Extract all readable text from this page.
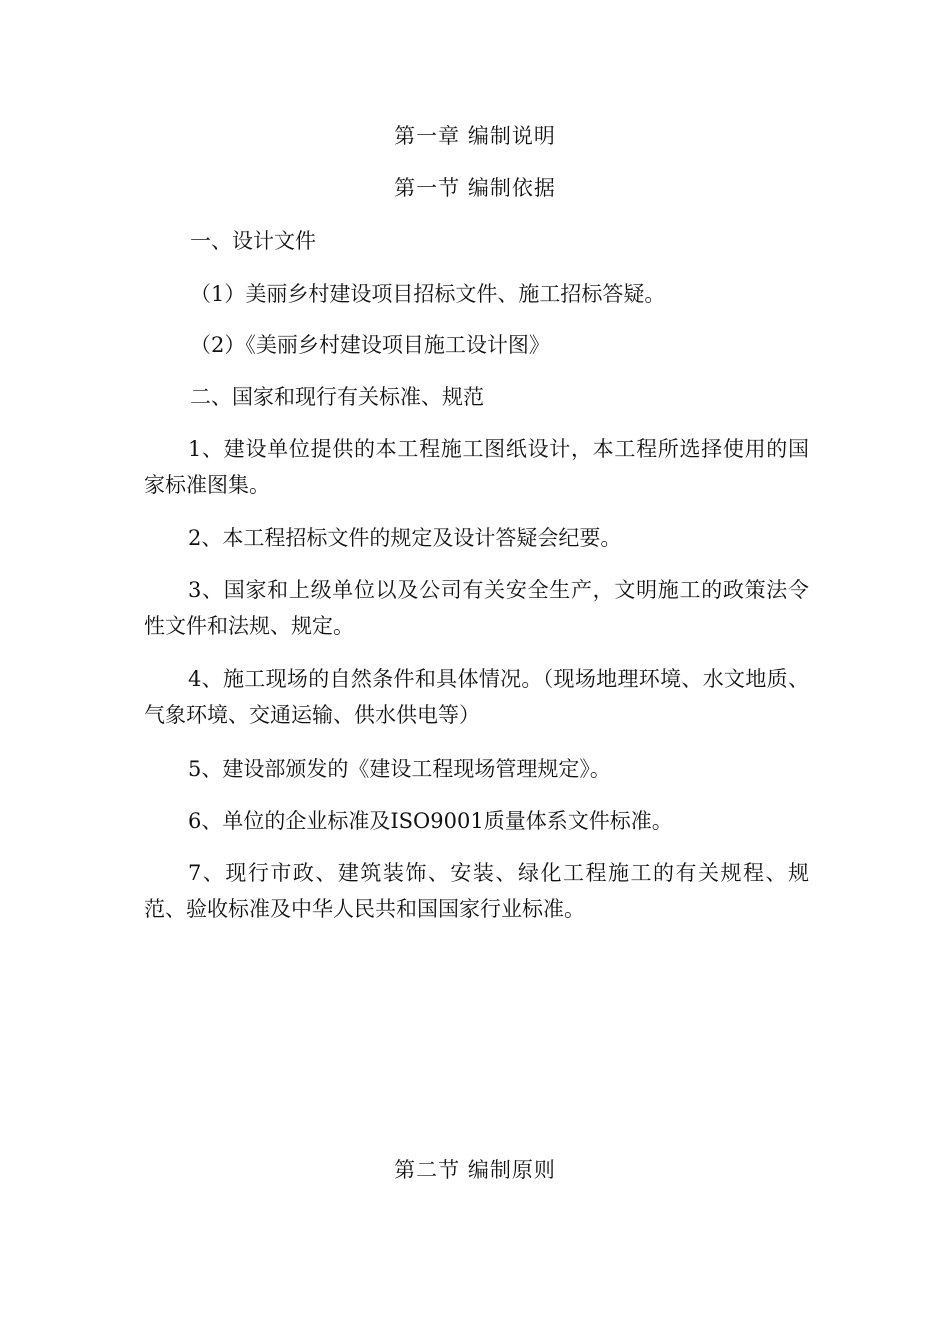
第一章 编制说明
第一节 编制依据
一、设计文件
（1）美丽乡村建设项目招标文件、施工招标答疑。
（2）《美丽乡村建设项目施工设计图》
二、国家和现行有关标准、规范
1、建设单位提供的本工程施工图纸设计，本工程所选择使用的国家标准图集。
2、本工程招标文件的规定及设计答疑会纪要。
3、国家和上级单位以及公司有关安全生产，文明施工的政策法令性文件和法规、规定。
4、施工现场的自然条件和具体情况。（现场地理环境、水文地质、气象环境、交通运输、供水供电等）
5、建设部颁发的《建设工程现场管理规定》。
6、单位的企业标准及ISO9001质量体系文件标准。
7、现行市政、建筑装饰、安装、绿化工程施工的有关规程、规范、验收标准及中华人民共和国国家行业标准。
第二节 编制原则
